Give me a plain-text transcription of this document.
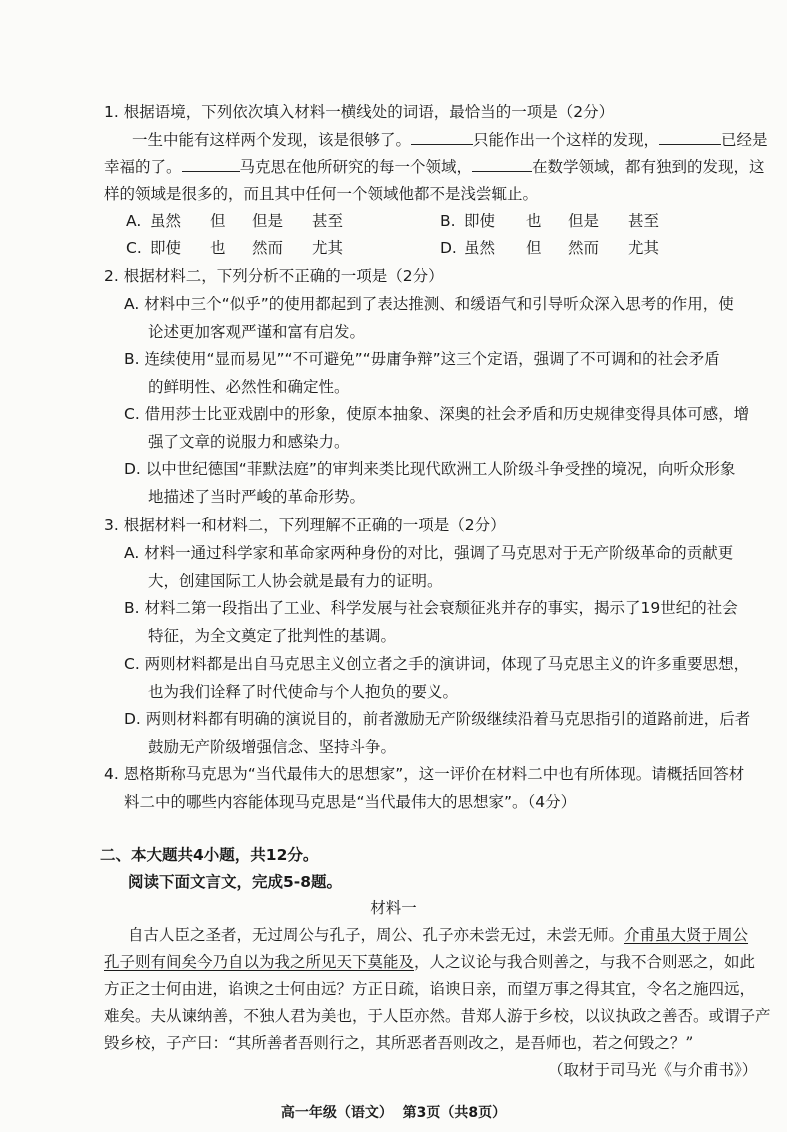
1. 根据语境，下列依次填入材料一横线处的词语，最恰当的一项是（2分）
一生中能有这样两个发现，该是很够了。	只能作出一个这样的发现，	已经是
幸福的了。	马克思在他所研究的每一个领域，	在数学领域，都有独到的发现，这
样的领域是很多的，而且其中任何一个领域他都不是浅尝辄止。
A. 虽然 但 但是 甚至	B. 即使 也 但是 甚至
C. 即使 也 然而 尤其	D. 虽然 但 然而 尤其
2. 根据材料二，下列分析不正确的一项是（2分）
A. 材料中三个“似乎”的使用都起到了表达推测、和缓语气和引导听众深入思考的作用，使
论述更加客观严谨和富有启发。
B. 连续使用“显而易见”“不可避免”“毋庸争辩”这三个定语，强调了不可调和的社会矛盾
的鲜明性、必然性和确定性。
C. 借用莎士比亚戏剧中的形象，使原本抽象、深奥的社会矛盾和历史规律变得具体可感，增
强了文章的说服力和感染力。
D. 以中世纪德国“菲默法庭”的审判来类比现代欧洲工人阶级斗争受挫的境况，向听众形象
地描述了当时严峻的革命形势。
3. 根据材料一和材料二，下列理解不正确的一项是（2分）
A. 材料一通过科学家和革命家两种身份的对比，强调了马克思对于无产阶级革命的贡献更
大，创建国际工人协会就是最有力的证明。
B. 材料二第一段指出了工业、科学发展与社会衰颓征兆并存的事实，揭示了19世纪的社会
特征，为全文奠定了批判性的基调。
C. 两则材料都是出自马克思主义创立者之手的演讲词，体现了马克思主义的许多重要思想，
也为我们诠释了时代使命与个人抱负的要义。
D. 两则材料都有明确的演说目的，前者激励无产阶级继续沿着马克思指引的道路前进，后者
鼓励无产阶级增强信念、坚持斗争。
4. 恩格斯称马克思为“当代最伟大的思想家”，这一评价在材料二中也有所体现。请概括回答材
料二中的哪些内容能体现马克思是“当代最伟大的思想家”。（4分）
二、本大题共4小题，共12分。
阅读下面文言文，完成5-8题。
材料一
自古人臣之圣者，无过周公与孔子，周公、孔子亦未尝无过，未尝无师。介甫虽大贤于周公
孔子则有间矣今乃自以为我之所见天下莫能及，人之议论与我合则善之，与我不合则恶之，如此
方正之士何由进，谄谀之士何由远？方正日疏，谄谀日亲，而望万事之得其宜，令名之施四远，
难矣。夫从谏纳善，不独人君为美也，于人臣亦然。昔郑人游于乡校，以议执政之善否。或谓子产
毁乡校，子产曰：“其所善者吾则行之，其所恶者吾则改之，是吾师也，若之何毁之？”
（取材于司马光《与介甫书》）
高一年级（语文）  第3页（共8页）
